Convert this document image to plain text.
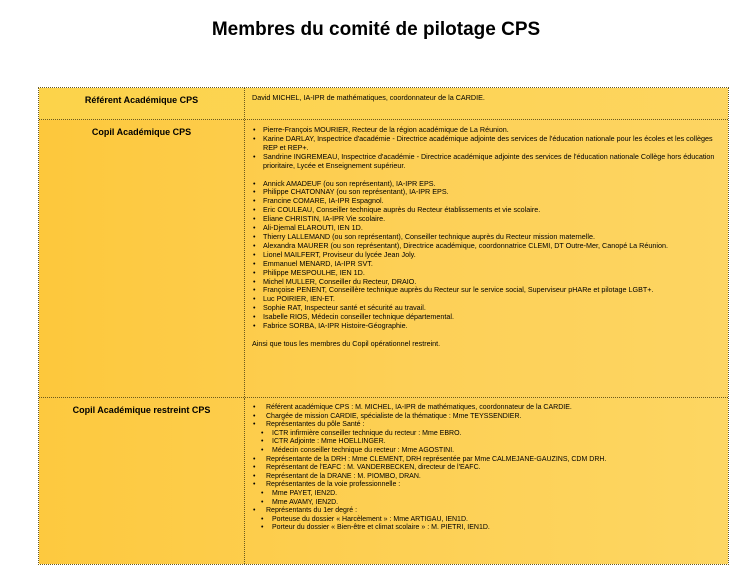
Membres du comité de pilotage CPS
Référent Académique CPS	David MICHEL, IA-IPR de mathématiques, coordonnateur de la CARDIE.
Copil Académique CPS	• Pierre-François MOURIER, Recteur de la région académique de La Réunion.
• Karine DARLAY, Inspectrice d'académie - Directrice académique adjointe des services de l'éducation nationale pour les écoles et les collèges REP et REP+.
• Sandrine INGREMEAU, Inspectrice d'académie - Directrice académique adjointe des services de l'éducation nationale Collège hors éducation prioritaire, Lycée et Enseignement supérieur.
• Annick AMADEUF (ou son représentant), IA-IPR EPS.
• Philippe CHATONNAY (ou son représentant), IA-IPR EPS.
• Francine COMARE, IA-IPR Espagnol.
• Eric COULEAU, Conseiller technique auprès du Recteur établissements et vie scolaire.
• Eliane CHRISTIN, IA-IPR Vie scolaire.
• Ali-Djemal ELAROUTI, IEN 1D.
• Thierry LALLEMAND (ou son représentant), Conseiller technique auprès du Recteur mission maternelle.
• Alexandra MAURER (ou son représentant), Directrice académique, coordonnatrice CLEMI, DT Outre-Mer, Canopé La Réunion.
• Lionel MAILFERT, Proviseur du lycée Jean Joly.
• Emmanuel MENARD, IA-IPR SVT.
• Philippe MESPOULHE, IEN 1D.
• Michel MULLER, Conseiller du Recteur, DRAIO.
• Françoise PENENT, Conseillère technique auprès du Recteur sur le service social, Superviseur pHARe et pilotage LGBT+.
• Luc POIRIER, IEN-ET.
• Sophie RAT, Inspecteur santé et sécurité au travail.
• Isabelle RIOS, Médecin conseiller technique départemental.
• Fabrice SORBA, IA-IPR Histoire-Géographie.
Ainsi que tous les membres du Copil opérationnel restreint.
Copil Académique restreint CPS	• Référent académique CPS : M. MICHEL, IA-IPR de mathématiques, coordonnateur de la CARDIE.
• Chargée de mission CARDIE, spécialiste de la thématique : Mme TEYSSENDIER.
• Représentantes du pôle Santé :
• ICTR infirmière conseiller technique du recteur : Mme EBRO.
• ICTR Adjointe : Mme HOELLINGER.
• Médecin conseiller technique du recteur : Mme AGOSTINI.
• Représentante de la DRH : Mme CLEMENT, DRH représentée par Mme CALMEJANE-GAUZINS, CDM DRH.
• Représentant de l'EAFC : M. VANDERBECKEN, directeur de l'EAFC.
• Représentant de la DRANE : M. PIOMBO, DRAN.
• Représentantes de la voie professionnelle :
• Mme PAYET, IEN2D.
• Mme AVAMY, IEN2D.
• Représentants du 1er degré :
• Porteuse du dossier « Harcèlement » : Mme ARTIGAU, IEN1D.
• Porteur du dossier « Bien-être et climat scolaire » : M. PIETRI, IEN1D.
